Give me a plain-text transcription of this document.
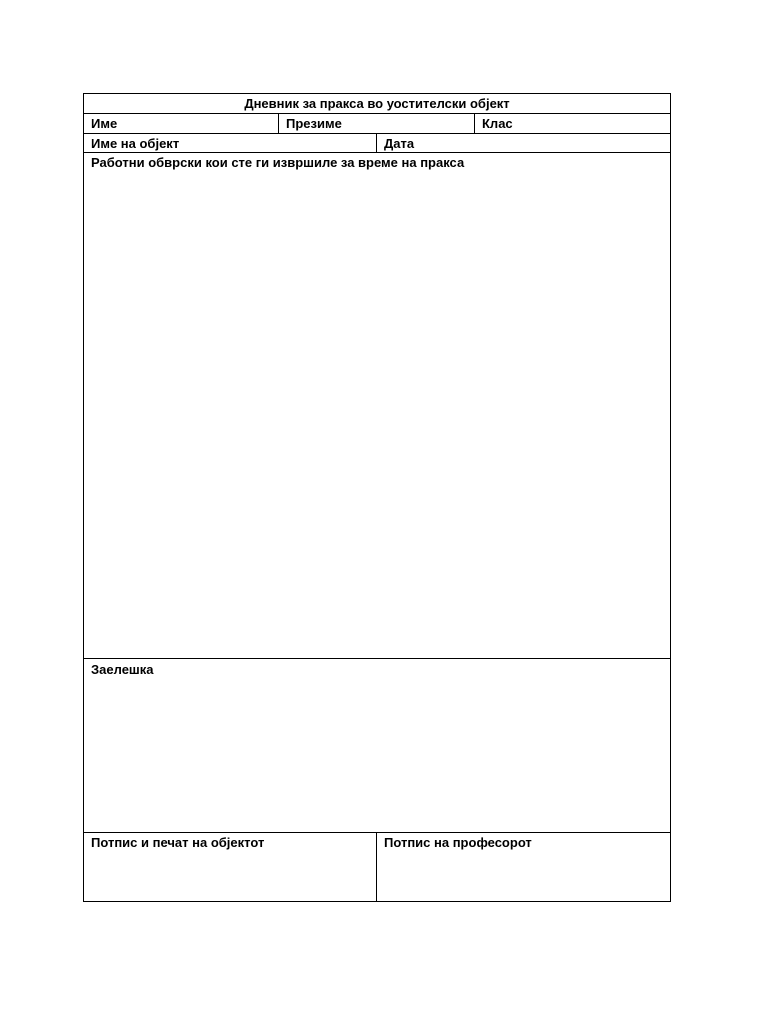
Дневник за пракса во уостителски објект
Име	Презиме	Клас
Име на објект	Дата
Работни обврски кои сте ги извршиле за време на пракса
Заелешка
Потпис и печат на објектот	Потпис на професорот
